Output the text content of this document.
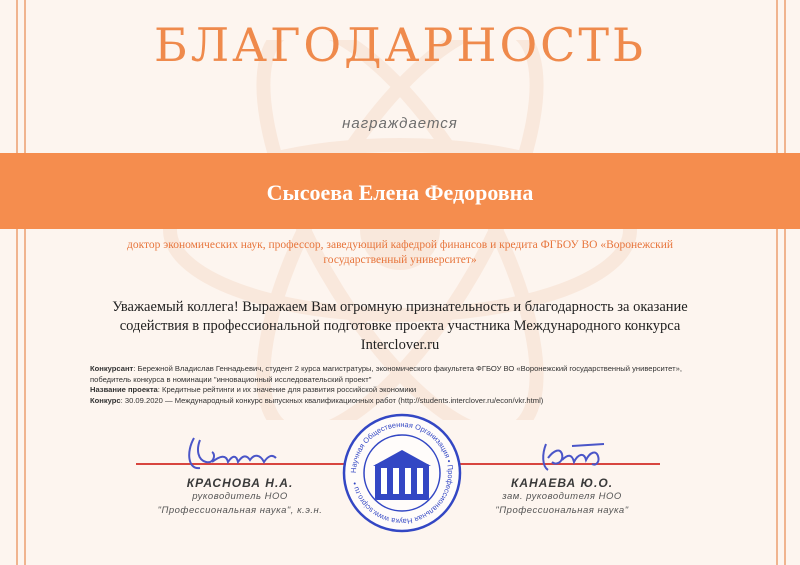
БЛАГОДАРНОСТЬ
награждается
Сысоева Елена Федоровна
доктор экономических наук, профессор, заведующий кафедрой финансов и кредита ФГБОУ ВО «Воронежский государственный университет»
Уважаемый коллега! Выражаем Вам огромную признательность и благодарность за оказание содействия в профессиональной подготовке проекта участника Международного конкурса Interclover.ru
Конкурсант: Бережной Владислав Геннадьевич, студент 2 курса магистратуры, экономического факультета ФГБОУ ВО «Воронежский государственный университет», победитель конкурса в номинации "инновационный исследовательский проект"
Название проекта: Кредитные рейтинги и их значение для развития российской экономики
Конкурс: 30.09.2020 — Международный конкурс выпускных квалификационных работ (http://students.interclover.ru/econ/vkr.html)
КРАСНОВА Н.А.
руководитель НОО
"Профессиональная наука", к.э.н.
КАНАЕВА Ю.О.
зам. руководителя НОО
"Профессиональная наука"
Научная Общественная Организация • Профессиональная Наука www.scipro.ru •
